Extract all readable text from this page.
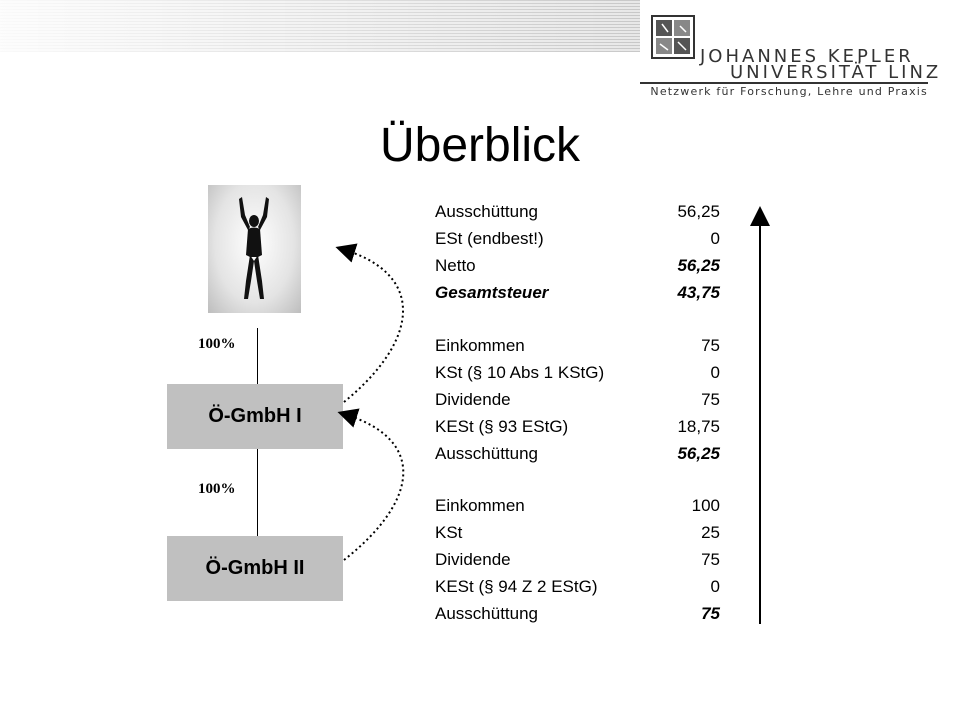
JOHANNES KEPLER
UNIVERSITÄT LINZ
Netzwerk für Forschung, Lehre und Praxis
Überblick
100%
100%
Ö-GmbH I
Ö-GmbH II
Ausschüttung	56,25
ESt (endbest!)	0
Netto	56,25
Gesamtsteuer	43,75
Einkommen	75
KSt (§ 10 Abs 1 KStG)	0
Dividende	75
KESt (§ 93 EStG)	18,75
Ausschüttung	56,25
Einkommen	100
KSt	25
Dividende	75
KESt (§ 94 Z 2 EStG)	0
Ausschüttung	75
